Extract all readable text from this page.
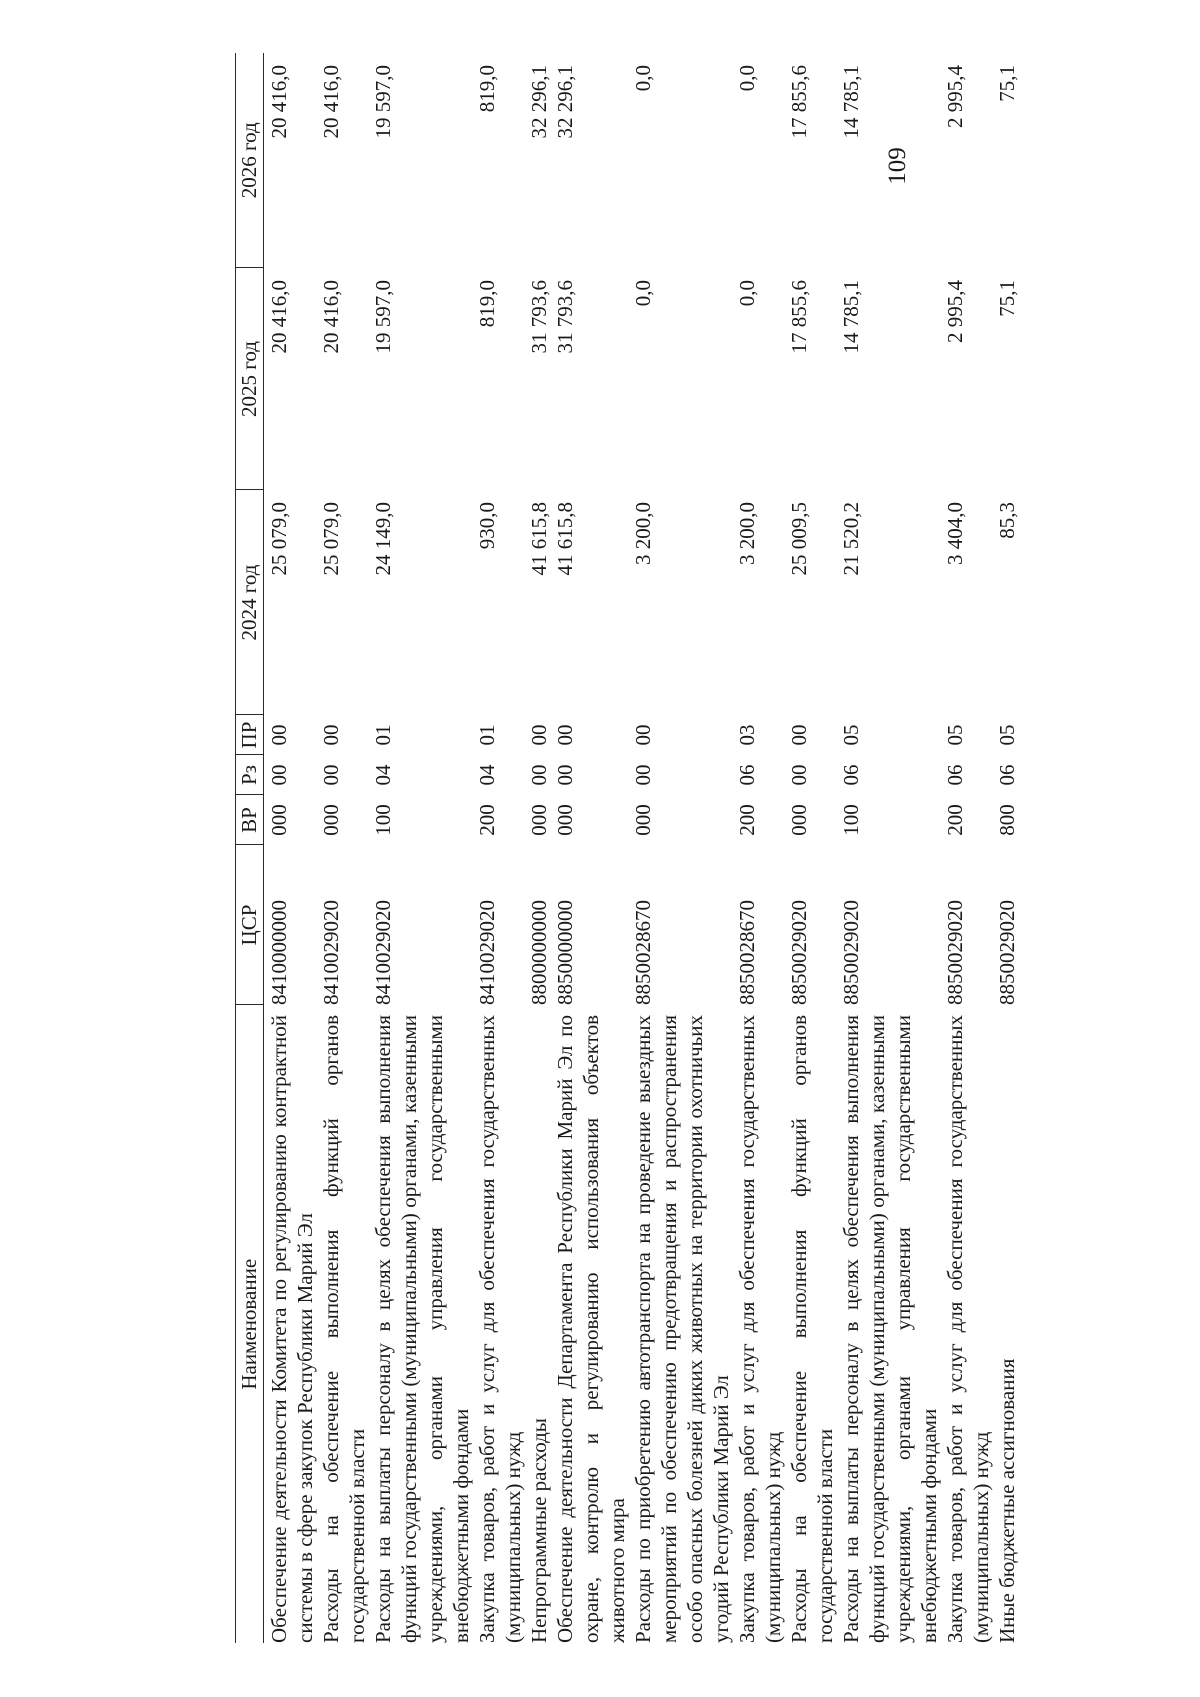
109
Наименование	ЦСР	ВР	Рз	ПР	2024 год	2025 год	2026 год
Обеспечение деятельности Комитета по регулированию контрактной системы в сфере закупок Республики Марий Эл	8410000000	000	00	00	25 079,0	20 416,0	20 416,0
Расходы на обеспечение выполнения функций органов государственной власти	8410029020	000	00	00	25 079,0	20 416,0	20 416,0
Расходы на выплаты персоналу в целях обеспечения выполнения функций государственными (муниципальными) органами, казенными учреждениями, органами управления государственными внебюджетными фондами	8410029020	100	04	01	24 149,0	19 597,0	19 597,0
Закупка товаров, работ и услуг для обеспечения государственных (муниципальных) нужд	8410029020	200	04	01	930,0	819,0	819,0
Непрограммные расходы	8800000000	000	00	00	41 615,8	31 793,6	32 296,1
Обеспечение деятельности Департамента Республики Марий Эл по охране, контролю и регулированию использования объектов животного мира	8850000000	000	00	00	41 615,8	31 793,6	32 296,1
Расходы по приобретению автотранспорта на проведение выездных мероприятий по обеспечению предотвращения и распространения особо опасных болезней диких животных на территории охотничьих угодий Республики Марий Эл	8850028670	000	00	00	3 200,0	0,0	0,0
Закупка товаров, работ и услуг для обеспечения государственных (муниципальных) нужд	8850028670	200	06	03	3 200,0	0,0	0,0
Расходы на обеспечение выполнения функций органов государственной власти	8850029020	000	00	00	25 009,5	17 855,6	17 855,6
Расходы на выплаты персоналу в целях обеспечения выполнения функций государственными (муниципальными) органами, казенными учреждениями, органами управления государственными внебюджетными фондами	8850029020	100	06	05	21 520,2	14 785,1	14 785,1
Закупка товаров, работ и услуг для обеспечения государственных (муниципальных) нужд	8850029020	200	06	05	3 404,0	2 995,4	2 995,4
Иные бюджетные ассигнования	8850029020	800	06	05	85,3	75,1	75,1
